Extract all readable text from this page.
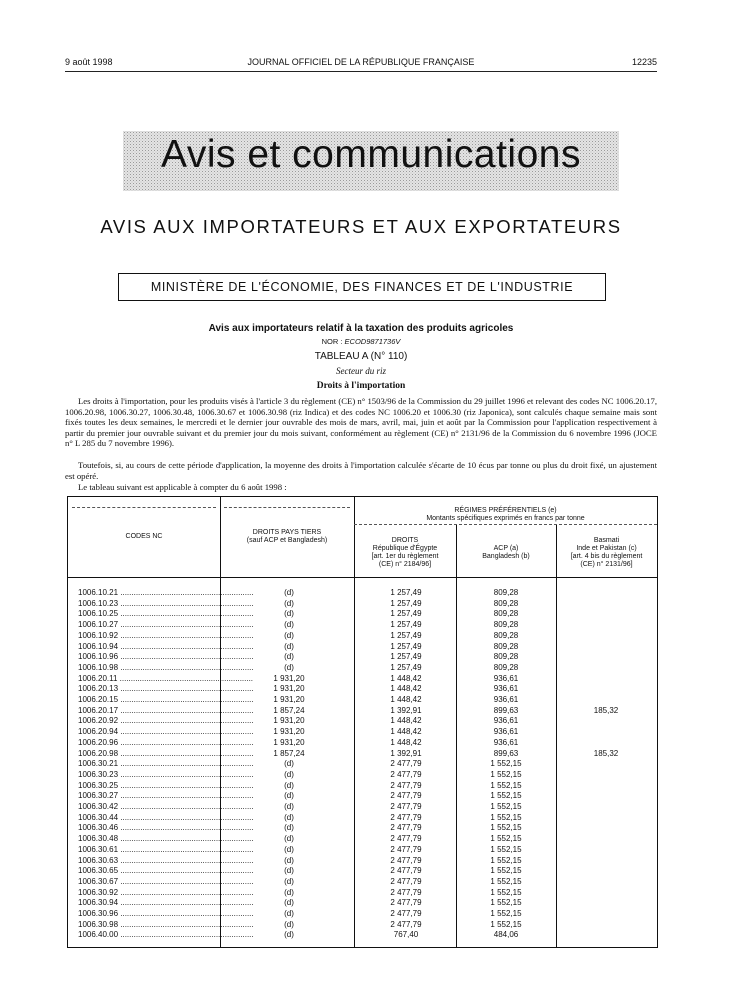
9 août 1998	JOURNAL OFFICIEL DE LA RÉPUBLIQUE FRANÇAISE	12235
Avis et communications
AVIS AUX IMPORTATEURS ET AUX EXPORTATEURS
MINISTÈRE DE L'ÉCONOMIE, DES FINANCES ET DE L'INDUSTRIE
Avis aux importateurs relatif à la taxation des produits agricoles
NOR : ECOD9871736V
TABLEAU A (N° 110)
Secteur du riz
Droits à l'importation
Les droits à l'importation, pour les produits visés à l'article 3 du règlement (CE) n° 1503/96 de la Commission du 29 juillet 1996 et relevant des codes NC 1006.20.17, 1006.20.98, 1006.30.27, 1006.30.48, 1006.30.67 et 1006.30.98 (riz Indica) et des codes NC 1006.20 et 1006.30 (riz Japonica), sont calculés chaque semaine mais sont fixés toutes les deux semaines, le mercredi et le dernier jour ouvrable des mois de mars, avril, mai, juin et août par la Commission pour l'application respectivement à partir du premier jour ouvrable suivant et du premier jour du mois suivant, conformément au règlement (CE) n° 2131/96 de la Commission du 6 novembre 1996 (JOCE n° L 285 du 7 novembre 1996).
Toutefois, si, au cours de cette période d'application, la moyenne des droits à l'importation calculée s'écarte de 10 écus par tonne ou plus du droit fixé, un ajustement est opéré.
Le tableau suivant est applicable à compter du 6 août 1998 :
CODES NC
DROITS PAYS TIERS
(sauf ACP et Bangladesh)
RÉGIMES PRÉFÉRENTIELS (e)
Montants spécifiques exprimés en francs par tonne
DROITS
République d'Égypte
[art. 1er du règlement
(CE) n° 2184/96]
ACP (a)
Bangladesh (b)
Basmati
Inde et Pakistan (c)
[art. 4 bis du règlement
(CE) n° 2131/96]
1006.10.21 ............................................................	(d)	1 257,49	809,28
1006.10.23 ............................................................	(d)	1 257,49	809,28
1006.10.25 ............................................................	(d)	1 257,49	809,28
1006.10.27 ............................................................	(d)	1 257,49	809,28
1006.10.92 ............................................................	(d)	1 257,49	809,28
1006.10.94 ............................................................	(d)	1 257,49	809,28
1006.10.96 ............................................................	(d)	1 257,49	809,28
1006.10.98 ............................................................	(d)	1 257,49	809,28
1006.20.11 ............................................................	1 931,20	1 448,42	936,61
1006.20.13 ............................................................	1 931,20	1 448,42	936,61
1006.20.15 ............................................................	1 931,20	1 448,42	936,61
1006.20.17 ............................................................	1 857,24	1 392,91	899,63	185,32
1006.20.92 ............................................................	1 931,20	1 448,42	936,61
1006.20.94 ............................................................	1 931,20	1 448,42	936,61
1006.20.96 ............................................................	1 931,20	1 448,42	936,61
1006.20.98 ............................................................	1 857,24	1 392,91	899,63	185,32
1006.30.21 ............................................................	(d)	2 477,79	1 552,15
1006.30.23 ............................................................	(d)	2 477,79	1 552,15
1006.30.25 ............................................................	(d)	2 477,79	1 552,15
1006.30.27 ............................................................	(d)	2 477,79	1 552,15
1006.30.42 ............................................................	(d)	2 477,79	1 552,15
1006.30.44 ............................................................	(d)	2 477,79	1 552,15
1006.30.46 ............................................................	(d)	2 477,79	1 552,15
1006.30.48 ............................................................	(d)	2 477,79	1 552,15
1006.30.61 ............................................................	(d)	2 477,79	1 552,15
1006.30.63 ............................................................	(d)	2 477,79	1 552,15
1006.30.65 ............................................................	(d)	2 477,79	1 552,15
1006.30.67 ............................................................	(d)	2 477,79	1 552,15
1006.30.92 ............................................................	(d)	2 477,79	1 552,15
1006.30.94 ............................................................	(d)	2 477,79	1 552,15
1006.30.96 ............................................................	(d)	2 477,79	1 552,15
1006.30.98 ............................................................	(d)	2 477,79	1 552,15
1006.40.00 ............................................................	(d)	767,40	484,06
